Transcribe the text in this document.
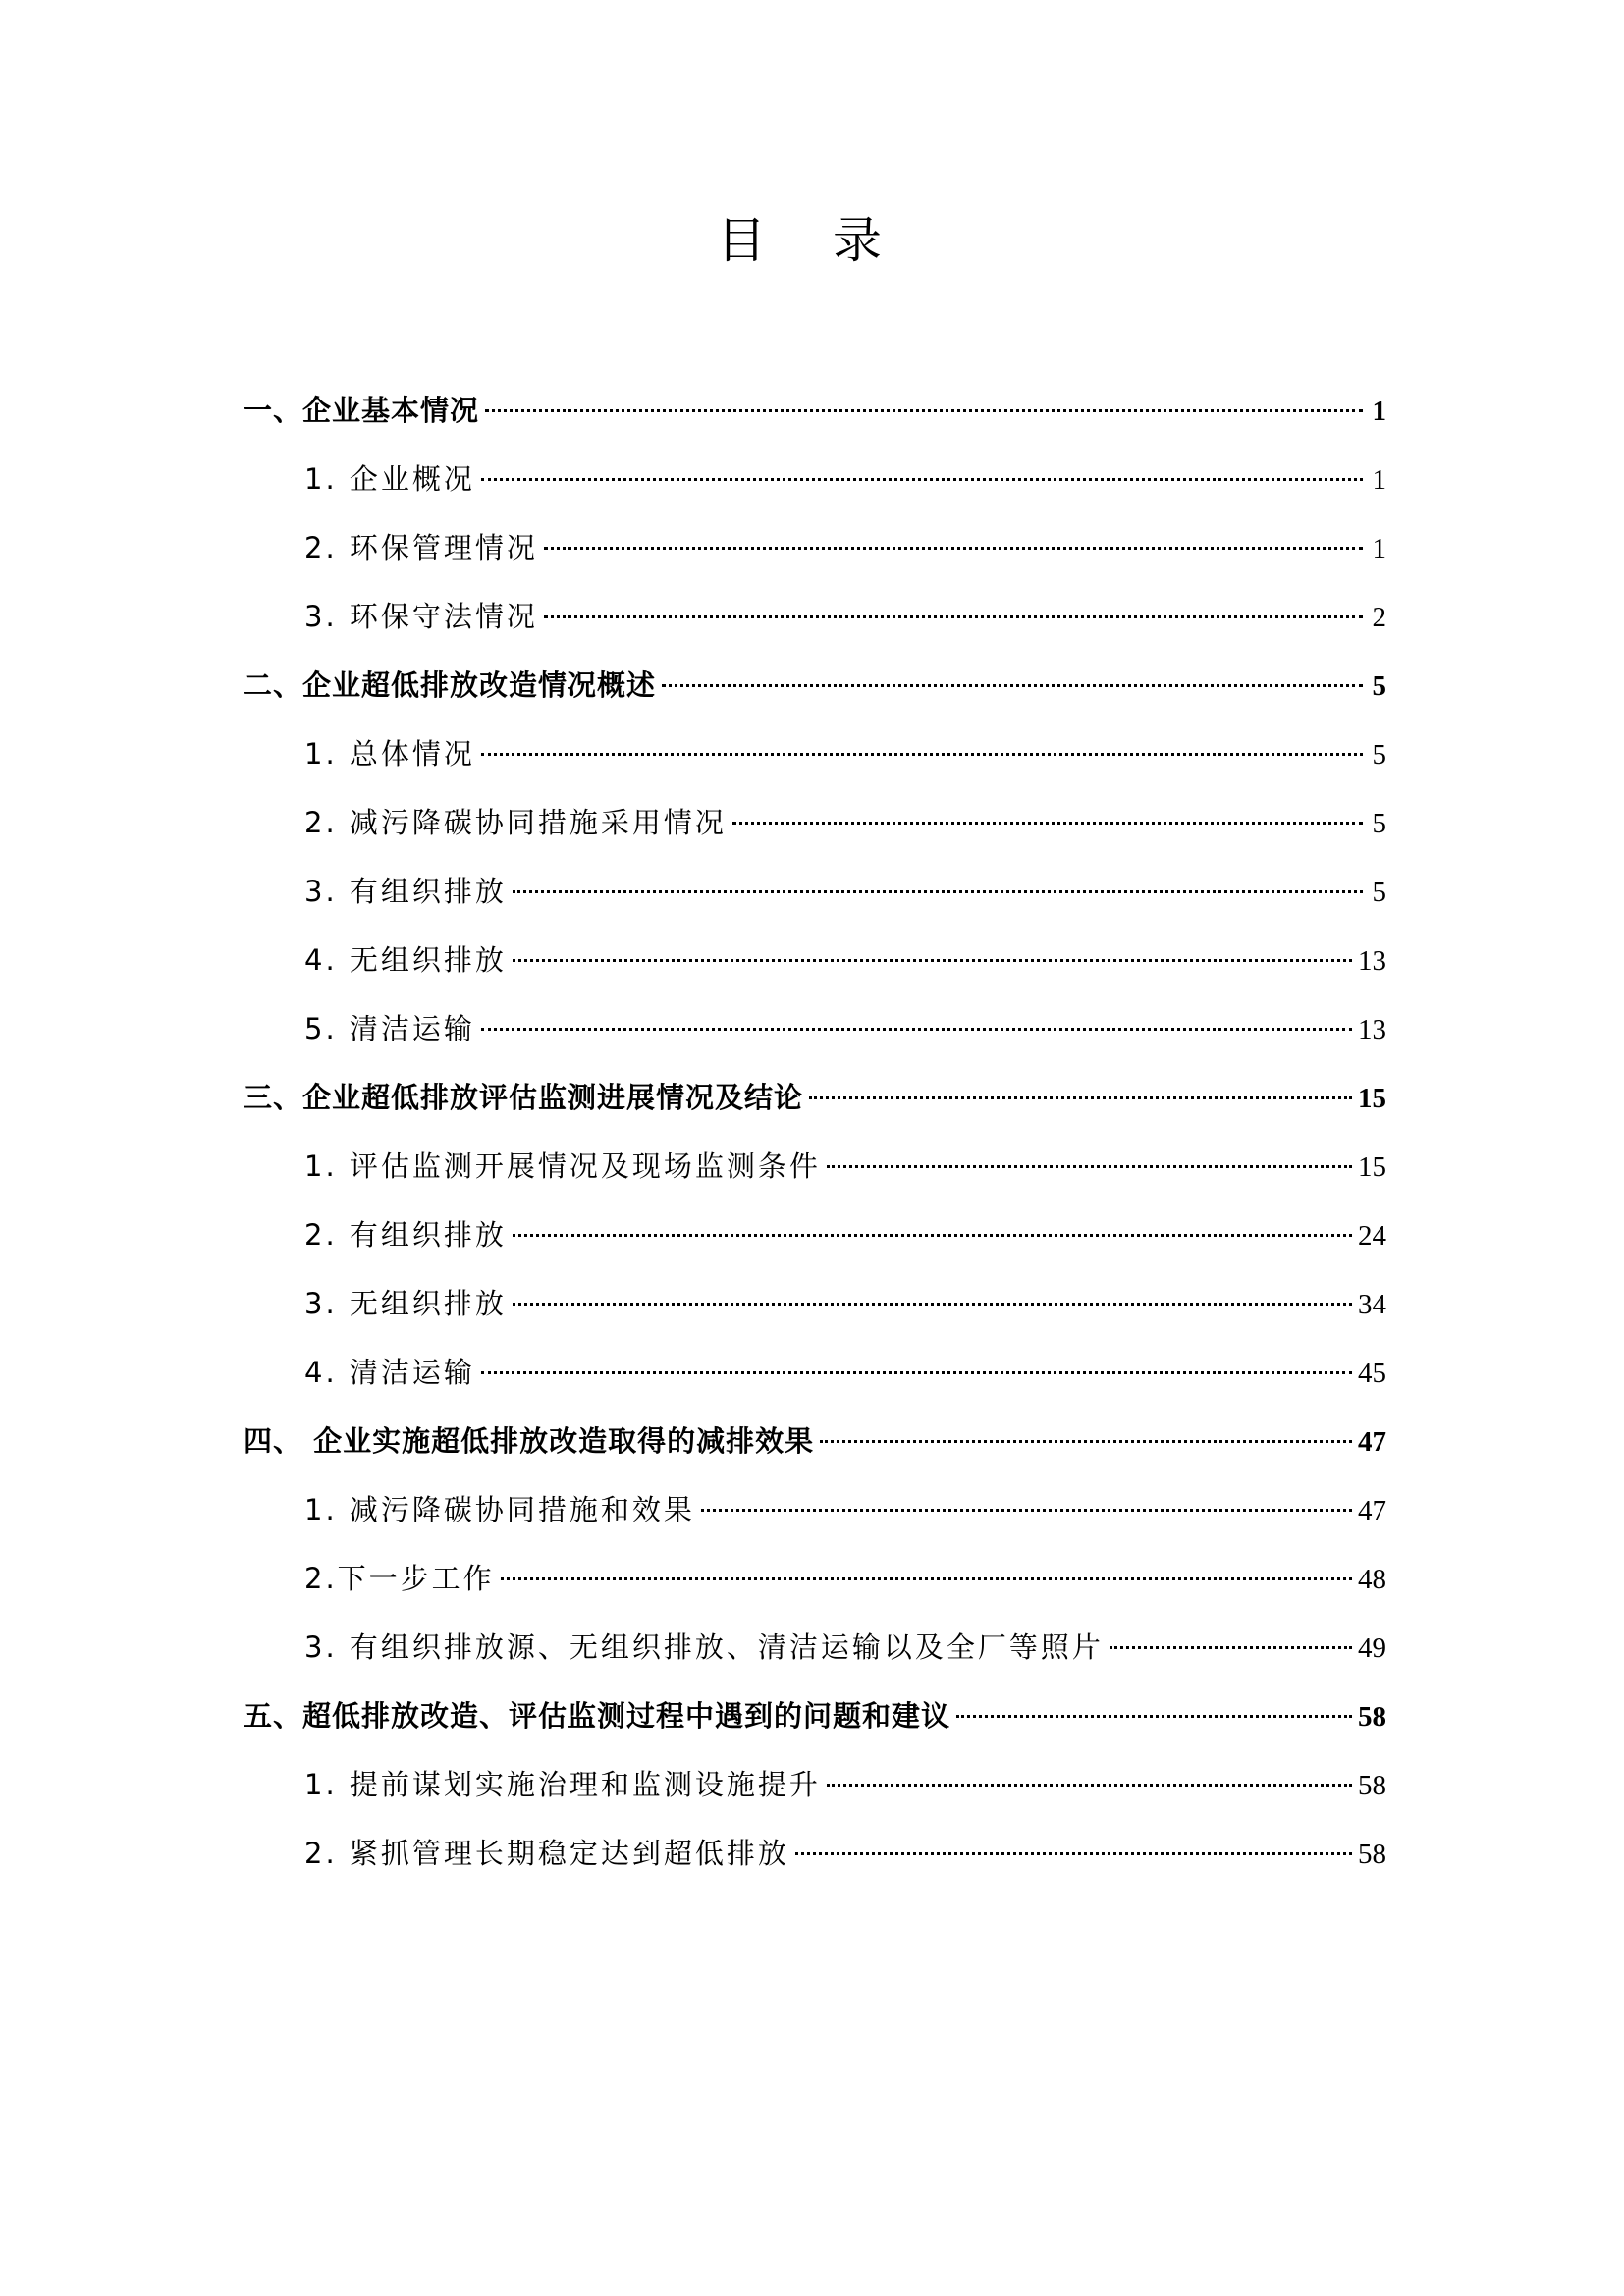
目 录
一、企业基本情况	1
1. 企业概况	1
2. 环保管理情况	1
3. 环保守法情况	2
二、企业超低排放改造情况概述	5
1. 总体情况	5
2. 减污降碳协同措施采用情况	5
3. 有组织排放	5
4. 无组织排放	13
5. 清洁运输	13
三、企业超低排放评估监测进展情况及结论	15
1. 评估监测开展情况及现场监测条件	15
2. 有组织排放	24
3. 无组织排放	34
4. 清洁运输	45
四、 企业实施超低排放改造取得的减排效果	47
1. 减污降碳协同措施和效果	47
2.下一步工作	48
3. 有组织排放源、无组织排放、清洁运输以及全厂等照片	49
五、超低排放改造、评估监测过程中遇到的问题和建议	58
1. 提前谋划实施治理和监测设施提升	58
2. 紧抓管理长期稳定达到超低排放	58
